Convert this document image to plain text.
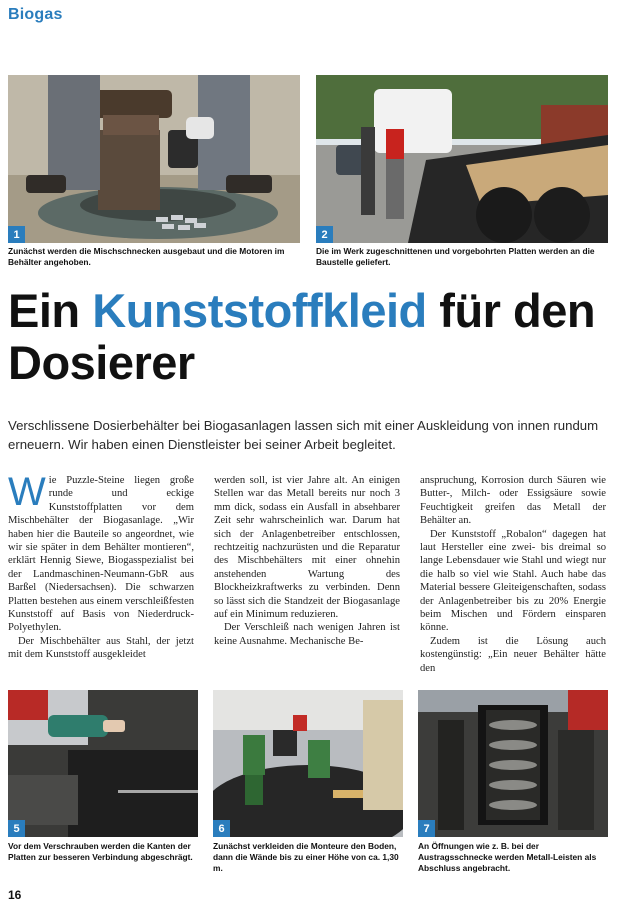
Biogas
1
Zunächst werden die Mischschnecken ausgebaut und die Motoren im Behälter angehoben.
2
Die im Werk zugeschnittenen und vorgebohrten Platten werden an die Baustelle geliefert.
Ein Kunststoffkleid für den Dosierer
Verschlissene Dosierbehälter bei Biogasanlagen lassen sich mit einer Auskleidung von innen rundum erneuern. Wir haben einen Dienstleister bei seiner Arbeit begleitet.

Wie Puzzle-Steine liegen große runde und eckige Kunststoffplatten vor dem Mischbehälter der Biogasanlage. „Wir haben hier die Bauteile so angeordnet, wie wir sie später in dem Behälter montieren“, erklärt Hennig Siewe, Biogasspezialist bei der Landmaschinen-Neumann-GbR aus Barßel (Niedersachsen). Die schwarzen Platten bestehen aus einem verschleißfesten Kunststoff auf Basis von Niederdruck-Polyethylen.

Der Mischbehälter aus Stahl, der jetzt mit dem Kunststoff ausgekleidet

werden soll, ist vier Jahre alt. An einigen Stellen war das Metall bereits nur noch 3 mm dick, sodass ein Ausfall in absehbarer Zeit sehr wahrscheinlich war. Darum hat sich der Anlagenbetreiber entschlossen, rechtzeitig nachzurüsten und die Reparatur des Mischbehälters mit einer ohnehin anstehenden Wartung des Blockheizkraftwerks zu verbinden. Denn so lässt sich die Standzeit der Biogasanlage auf ein Minimum reduzieren.

Der Verschleiß nach wenigen Jahren ist keine Ausnahme. Mechanische Be-

anspruchung, Korrosion durch Säuren wie Butter-, Milch- oder Essigsäure sowie Feuchtigkeit greifen das Metall der Behälter an.

Der Kunststoff „Robalon“ dagegen hat laut Hersteller eine zwei- bis dreimal so lange Lebensdauer wie Stahl und wiegt nur die halb so viel wie Stahl. Auch habe das Material bessere Gleiteigenschaften, sodass der Anlagenbetreiber bis zu 20% Energie beim Mischen und Fördern einsparen könne.

Zudem ist die Lösung auch kostengünstig: „Ein neuer Behälter hätte den

5
Vor dem Verschrauben werden die Kanten der Platten zur besseren Verbindung abgeschrägt.
6
Zunächst verkleiden die Monteure den Boden, dann die Wände bis zu einer Höhe von ca. 1,30 m.
7
An Öffnungen wie z. B. bei der Austragsschnecke werden Metall-Leisten als Abschluss angebracht.
16
